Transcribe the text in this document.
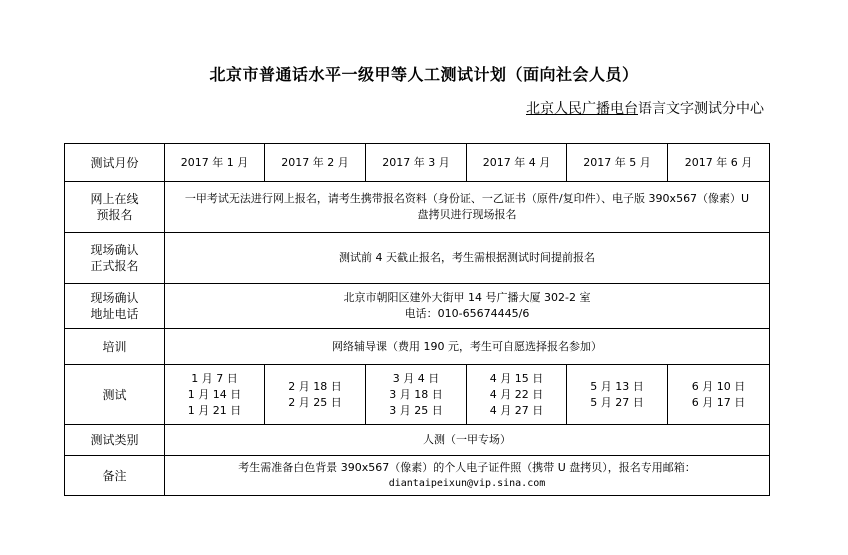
北京市普通话水平一级甲等人工测试计划（面向社会人员）
北京人民广播电台语言文字测试分中心
测试月份	2017 年 1 月	2017 年 2 月	2017 年 3 月	2017 年 4 月	2017 年 5 月	2017 年 6 月

网上在线
预报名	一甲考试无法进行网上报名，请考生携带报名资料（身份证、一乙证书（原件/复印件）、电子版 390x567（像素）U
盘拷贝进行现场报名					

现场确认
正式报名	测试前 4 天截止报名，考生需根据测试时间提前报名					

现场确认
地址电话	北京市朝阳区建外大街甲 14 号广播大厦 302-2 室
电话：010-65674445/6					

培训	网络辅导课（费用 190 元，考生可自愿选择报名参加）					
测试	1 月 7 日
1 月 14 日
1 月 21 日	2 月 18 日
2 月 25 日	3 月 4 日
3 月 18 日
3 月 25 日	4 月 15 日
4 月 22 日
4 月 27 日	5 月 13 日
5 月 27 日	6 月 10 日
6 月 17 日

测试类别	人测（一甲专场）					
备注	考生需准备白色背景 390x567（像素）的个人电子证件照（携带 U 盘拷贝），报名专用邮箱：
diantaipeixun@vip.sina.com					
